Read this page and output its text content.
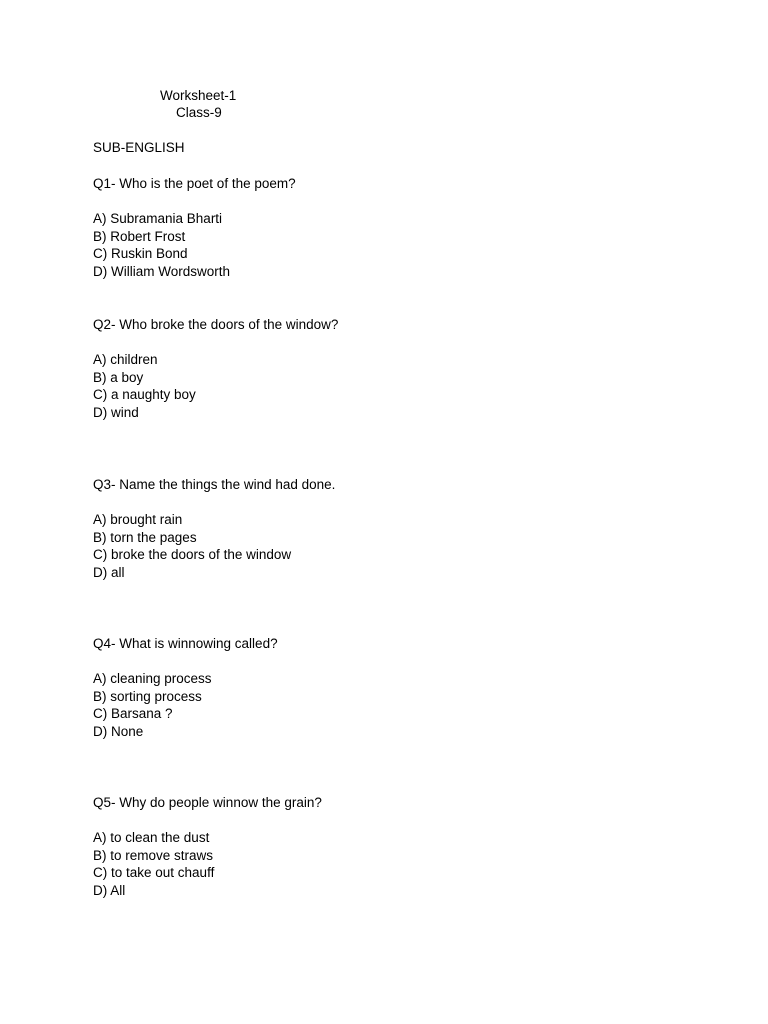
Worksheet-1
Class-9
SUB-ENGLISH
Q1- Who is the poet of the poem?
A) Subramania Bharti
B) Robert Frost
C) Ruskin Bond
D) William Wordsworth
Q2- Who broke the doors of the window?
A) children
B) a boy
C) a naughty boy
D) wind
Q3- Name the things the wind had done.
A) brought rain
B) torn the pages
C) broke the doors of the window
D) all
Q4- What is winnowing called?
A) cleaning process
B) sorting process
C) Barsana ?
D) None
Q5- Why do people winnow the grain?
A) to clean the dust
B) to remove straws
C) to take out chauff
D) All
